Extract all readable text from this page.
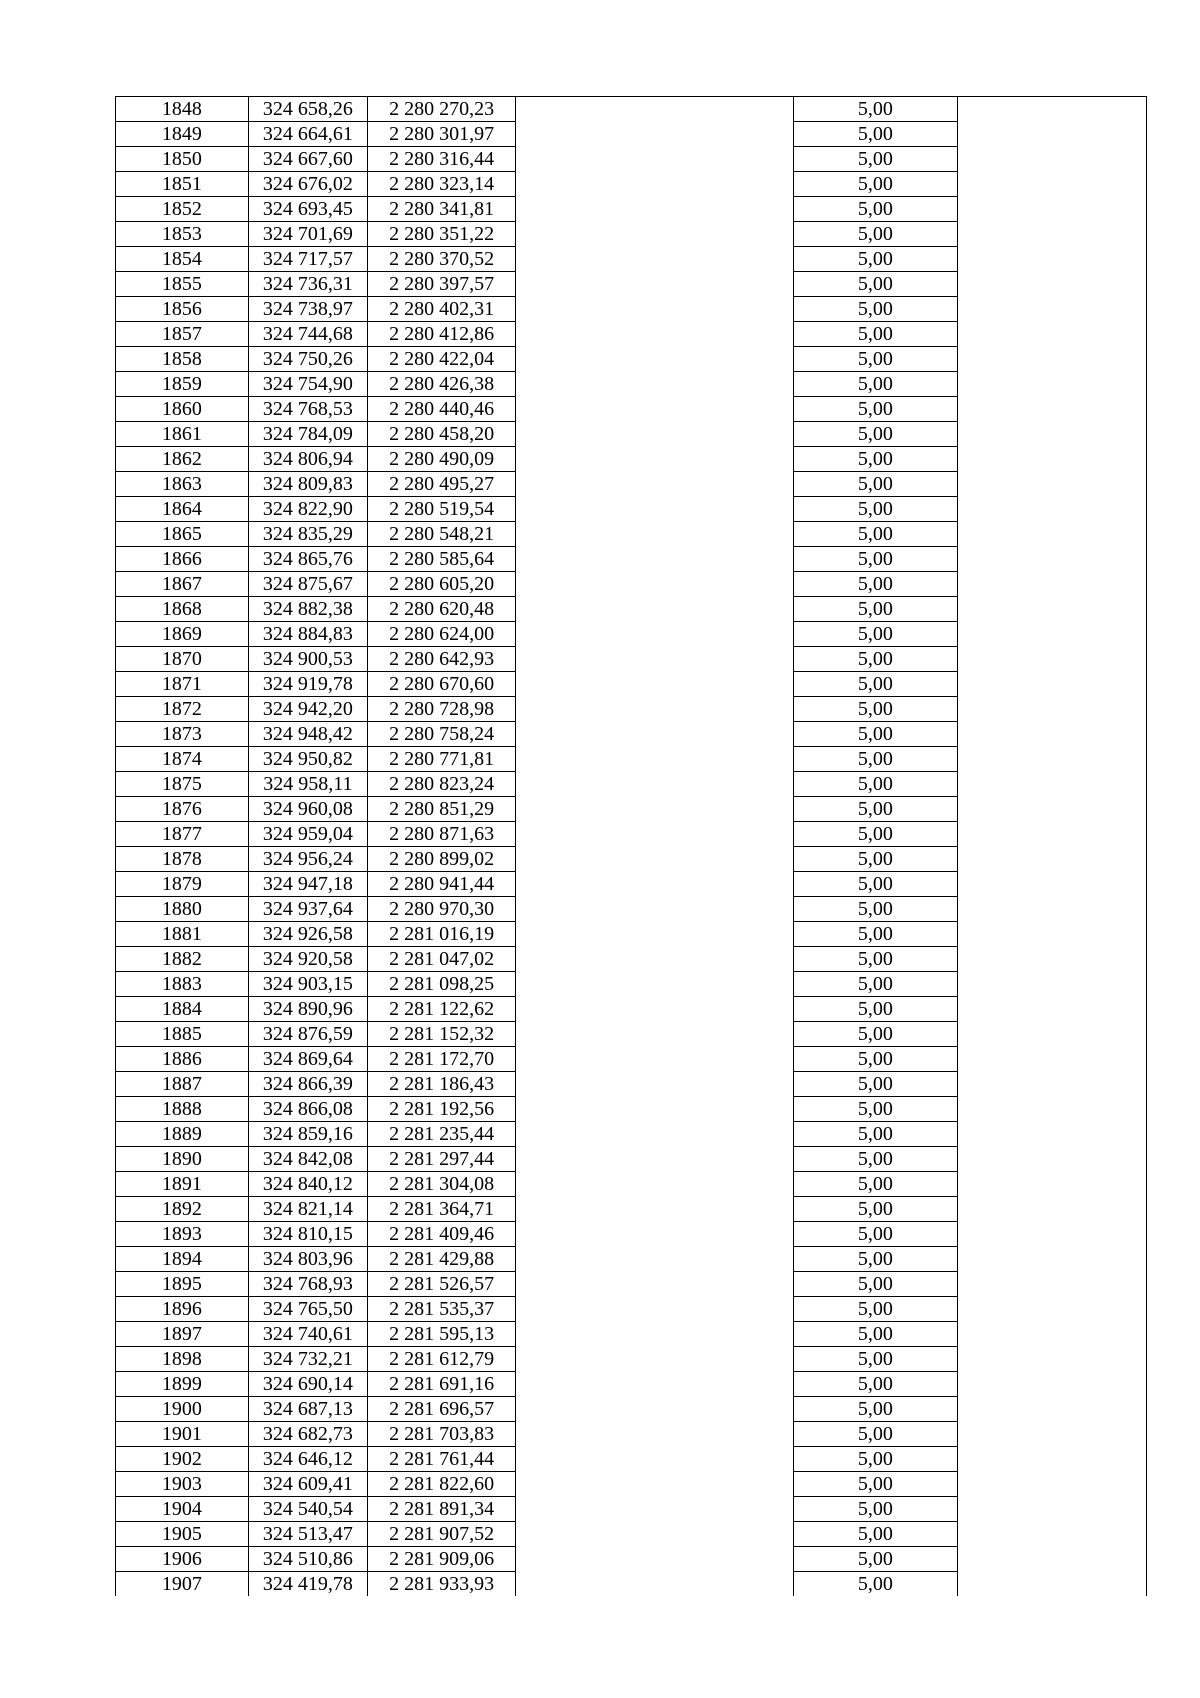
1848	324 658,26	2 280 270,23		5,00	
1849	324 664,61	2 280 301,97		5,00	
1850	324 667,60	2 280 316,44		5,00	
1851	324 676,02	2 280 323,14		5,00	
1852	324 693,45	2 280 341,81		5,00	
1853	324 701,69	2 280 351,22		5,00	
1854	324 717,57	2 280 370,52		5,00	
1855	324 736,31	2 280 397,57		5,00	
1856	324 738,97	2 280 402,31		5,00	
1857	324 744,68	2 280 412,86		5,00	
1858	324 750,26	2 280 422,04		5,00	
1859	324 754,90	2 280 426,38		5,00	
1860	324 768,53	2 280 440,46		5,00	
1861	324 784,09	2 280 458,20		5,00	
1862	324 806,94	2 280 490,09		5,00	
1863	324 809,83	2 280 495,27		5,00	
1864	324 822,90	2 280 519,54		5,00	
1865	324 835,29	2 280 548,21		5,00	
1866	324 865,76	2 280 585,64		5,00	
1867	324 875,67	2 280 605,20		5,00	
1868	324 882,38	2 280 620,48		5,00	
1869	324 884,83	2 280 624,00		5,00	
1870	324 900,53	2 280 642,93		5,00	
1871	324 919,78	2 280 670,60		5,00	
1872	324 942,20	2 280 728,98		5,00	
1873	324 948,42	2 280 758,24		5,00	
1874	324 950,82	2 280 771,81		5,00	
1875	324 958,11	2 280 823,24		5,00	
1876	324 960,08	2 280 851,29		5,00	
1877	324 959,04	2 280 871,63		5,00	
1878	324 956,24	2 280 899,02		5,00	
1879	324 947,18	2 280 941,44		5,00	
1880	324 937,64	2 280 970,30		5,00	
1881	324 926,58	2 281 016,19		5,00	
1882	324 920,58	2 281 047,02		5,00	
1883	324 903,15	2 281 098,25		5,00	
1884	324 890,96	2 281 122,62		5,00	
1885	324 876,59	2 281 152,32		5,00	
1886	324 869,64	2 281 172,70		5,00	
1887	324 866,39	2 281 186,43		5,00	
1888	324 866,08	2 281 192,56		5,00	
1889	324 859,16	2 281 235,44		5,00	
1890	324 842,08	2 281 297,44		5,00	
1891	324 840,12	2 281 304,08		5,00	
1892	324 821,14	2 281 364,71		5,00	
1893	324 810,15	2 281 409,46		5,00	
1894	324 803,96	2 281 429,88		5,00	
1895	324 768,93	2 281 526,57		5,00	
1896	324 765,50	2 281 535,37		5,00	
1897	324 740,61	2 281 595,13		5,00	
1898	324 732,21	2 281 612,79		5,00	
1899	324 690,14	2 281 691,16		5,00	
1900	324 687,13	2 281 696,57		5,00	
1901	324 682,73	2 281 703,83		5,00	
1902	324 646,12	2 281 761,44		5,00	
1903	324 609,41	2 281 822,60		5,00	
1904	324 540,54	2 281 891,34		5,00	
1905	324 513,47	2 281 907,52		5,00	
1906	324 510,86	2 281 909,06		5,00	
1907	324 419,78	2 281 933,93		5,00	
